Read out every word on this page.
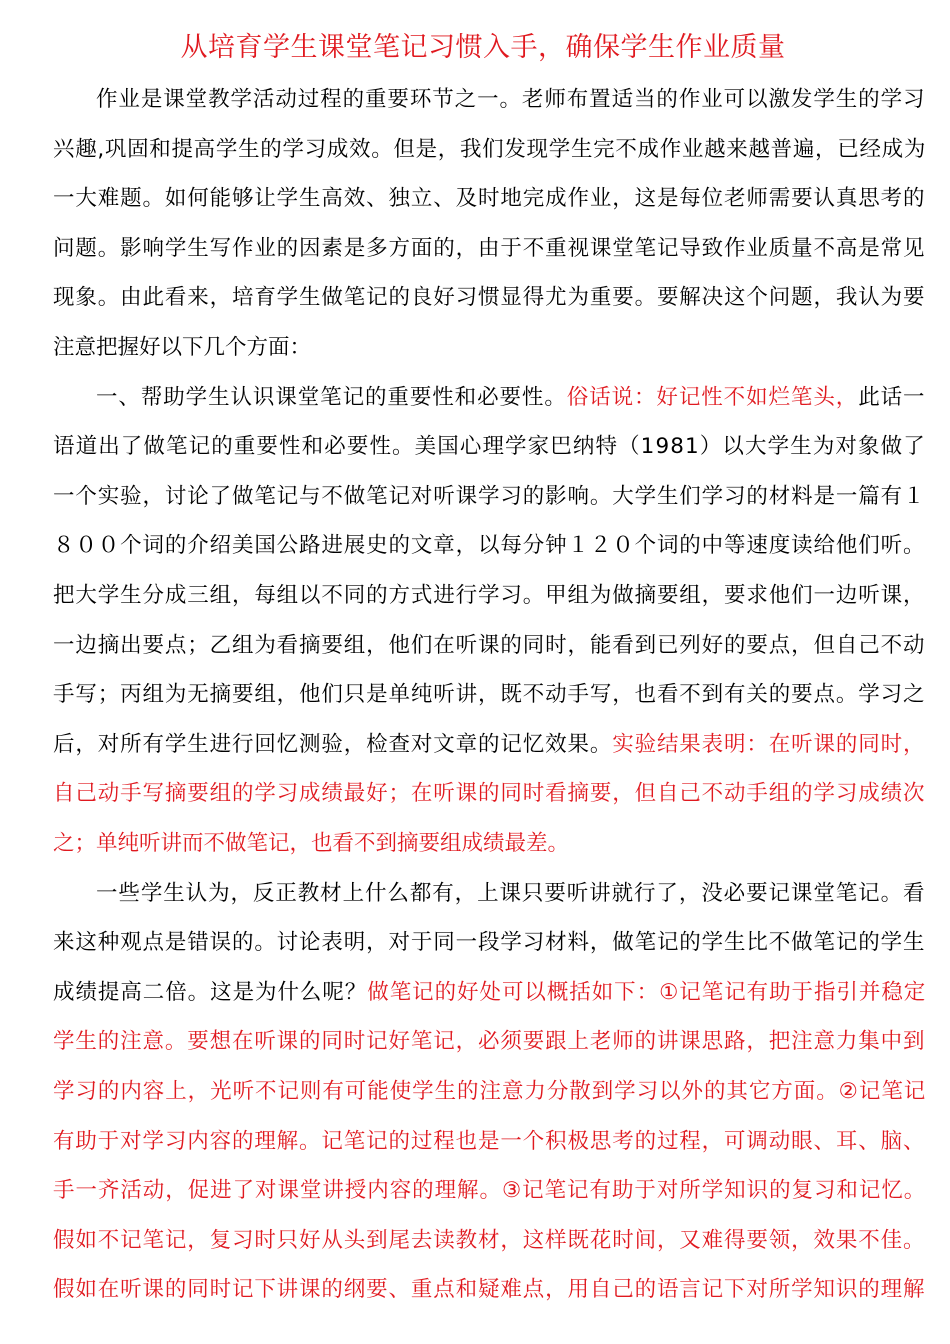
从培育学生课堂笔记习惯入手，确保学生作业质量
作业是课堂教学活动过程的重要环节之一。老师布置适当的作业可以激发学生的学习
兴趣,巩固和提高学生的学习成效。但是，我们发现学生完不成作业越来越普遍，已经成为
一大难题。如何能够让学生高效、独立、及时地完成作业，这是每位老师需要认真思考的
问题。影响学生写作业的因素是多方面的，由于不重视课堂笔记导致作业质量不高是常见
现象。由此看来，培育学生做笔记的良好习惯显得尤为重要。要解决这个问题，我认为要
注意把握好以下几个方面：
一、帮助学生认识课堂笔记的重要性和必要性。俗话说：好记性不如烂笔头，此话一
语道出了做笔记的重要性和必要性。美国心理学家巴纳特（1981）以大学生为对象做了
一个实验，讨论了做笔记与不做笔记对听课学习的影响。大学生们学习的材料是一篇有１
８００个词的介绍美国公路进展史的文章，以每分钟１２０个词的中等速度读给他们听。
把大学生分成三组，每组以不同的方式进行学习。甲组为做摘要组，要求他们一边听课，
一边摘出要点；乙组为看摘要组，他们在听课的同时，能看到已列好的要点，但自己不动
手写；丙组为无摘要组，他们只是单纯听讲，既不动手写，也看不到有关的要点。学习之
后，对所有学生进行回忆测验，检查对文章的记忆效果。实验结果表明：在听课的同时，
自己动手写摘要组的学习成绩最好；在听课的同时看摘要，但自己不动手组的学习成绩次
之；单纯听讲而不做笔记，也看不到摘要组成绩最差。
一些学生认为，反正教材上什么都有，上课只要听讲就行了，没必要记课堂笔记。看
来这种观点是错误的。讨论表明，对于同一段学习材料，做笔记的学生比不做笔记的学生
成绩提高二倍。这是为什么呢？做笔记的好处可以概括如下：①记笔记有助于指引并稳定
学生的注意。要想在听课的同时记好笔记，必须要跟上老师的讲课思路，把注意力集中到
学习的内容上，光听不记则有可能使学生的注意力分散到学习以外的其它方面。②记笔记
有助于对学习内容的理解。记笔记的过程也是一个积极思考的过程，可调动眼、耳、脑、
手一齐活动，促进了对课堂讲授内容的理解。③记笔记有助于对所学知识的复习和记忆。
假如不记笔记，复习时只好从头到尾去读教材，这样既花时间，又难得要领，效果不佳。
假如在听课的同时记下讲课的纲要、重点和疑难点，用自己的语言记下对所学知识的理解
